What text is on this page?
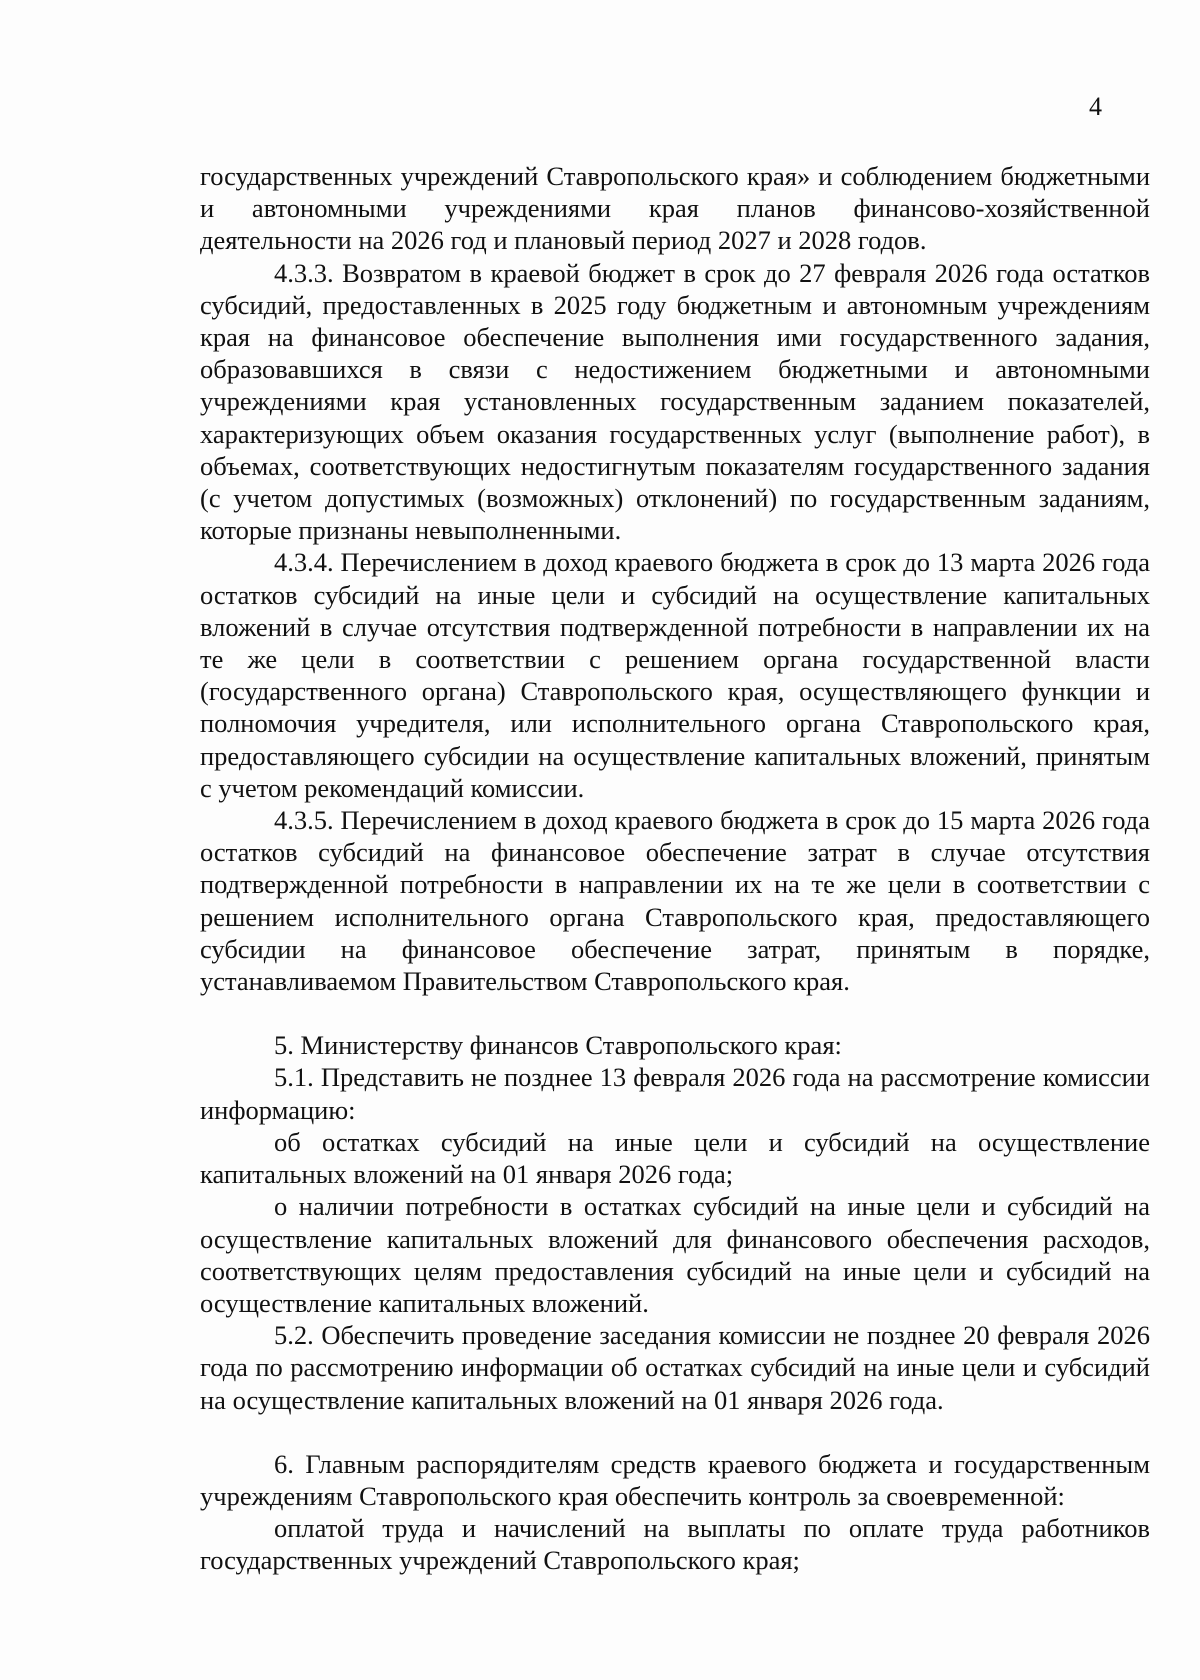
4

государственных учреждений Ставропольского края» и соблюдением бюджетными и автономными учреждениями края планов финансово-хозяйственной деятельности на 2026 год и плановый период 2027 и 2028 годов.

4.3.3. Возвратом в краевой бюджет в срок до 27 февраля 2026 года остатков субсидий, предоставленных в 2025 году бюджетным и автономным учреждениям края на финансовое обеспечение выполнения ими государственного задания, образовавшихся в связи с недостижением бюджетными и автономными учреждениями края установленных государственным заданием показателей, характеризующих объем оказания государственных услуг (выполнение работ), в объемах, соответствующих недостигнутым показателям государственного задания (с учетом допустимых (возможных) отклонений) по государственным заданиям, которые признаны невыполненными.

4.3.4. Перечислением в доход краевого бюджета в срок до 13 марта 2026 года остатков субсидий на иные цели и субсидий на осуществление капитальных вложений в случае отсутствия подтвержденной потребности в направлении их на те же цели в соответствии с решением органа государственной власти (государственного органа) Ставропольского края, осуществляющего функции и полномочия учредителя, или исполнительного органа Ставропольского края, предоставляющего субсидии на осуществление капитальных вложений, принятым с учетом рекомендаций комиссии.

4.3.5. Перечислением в доход краевого бюджета в срок до 15 марта 2026 года остатков субсидий на финансовое обеспечение затрат в случае отсутствия подтвержденной потребности в направлении их на те же цели в соответствии с решением исполнительного органа Ставропольского края, предоставляющего субсидии на финансовое обеспечение затрат, принятым в порядке, устанавливаемом Правительством Ставропольского края.

5. Министерству финансов Ставропольского края:

5.1. Представить не позднее 13 февраля 2026 года на рассмотрение комиссии информацию:

об остатках субсидий на иные цели и субсидий на осуществление капитальных вложений на 01 января 2026 года;

о наличии потребности в остатках субсидий на иные цели и субсидий на осуществление капитальных вложений для финансового обеспечения расходов, соответствующих целям предоставления субсидий на иные цели и субсидий на осуществление капитальных вложений.

5.2. Обеспечить проведение заседания комиссии не позднее 20 февраля 2026 года по рассмотрению информации об остатках субсидий на иные цели и субсидий на осуществление капитальных вложений на 01 января 2026 года.

6. Главным распорядителям средств краевого бюджета и государственным учреждениям Ставропольского края обеспечить контроль за своевременной:

оплатой труда и начислений на выплаты по оплате труда работников государственных учреждений Ставропольского края;
